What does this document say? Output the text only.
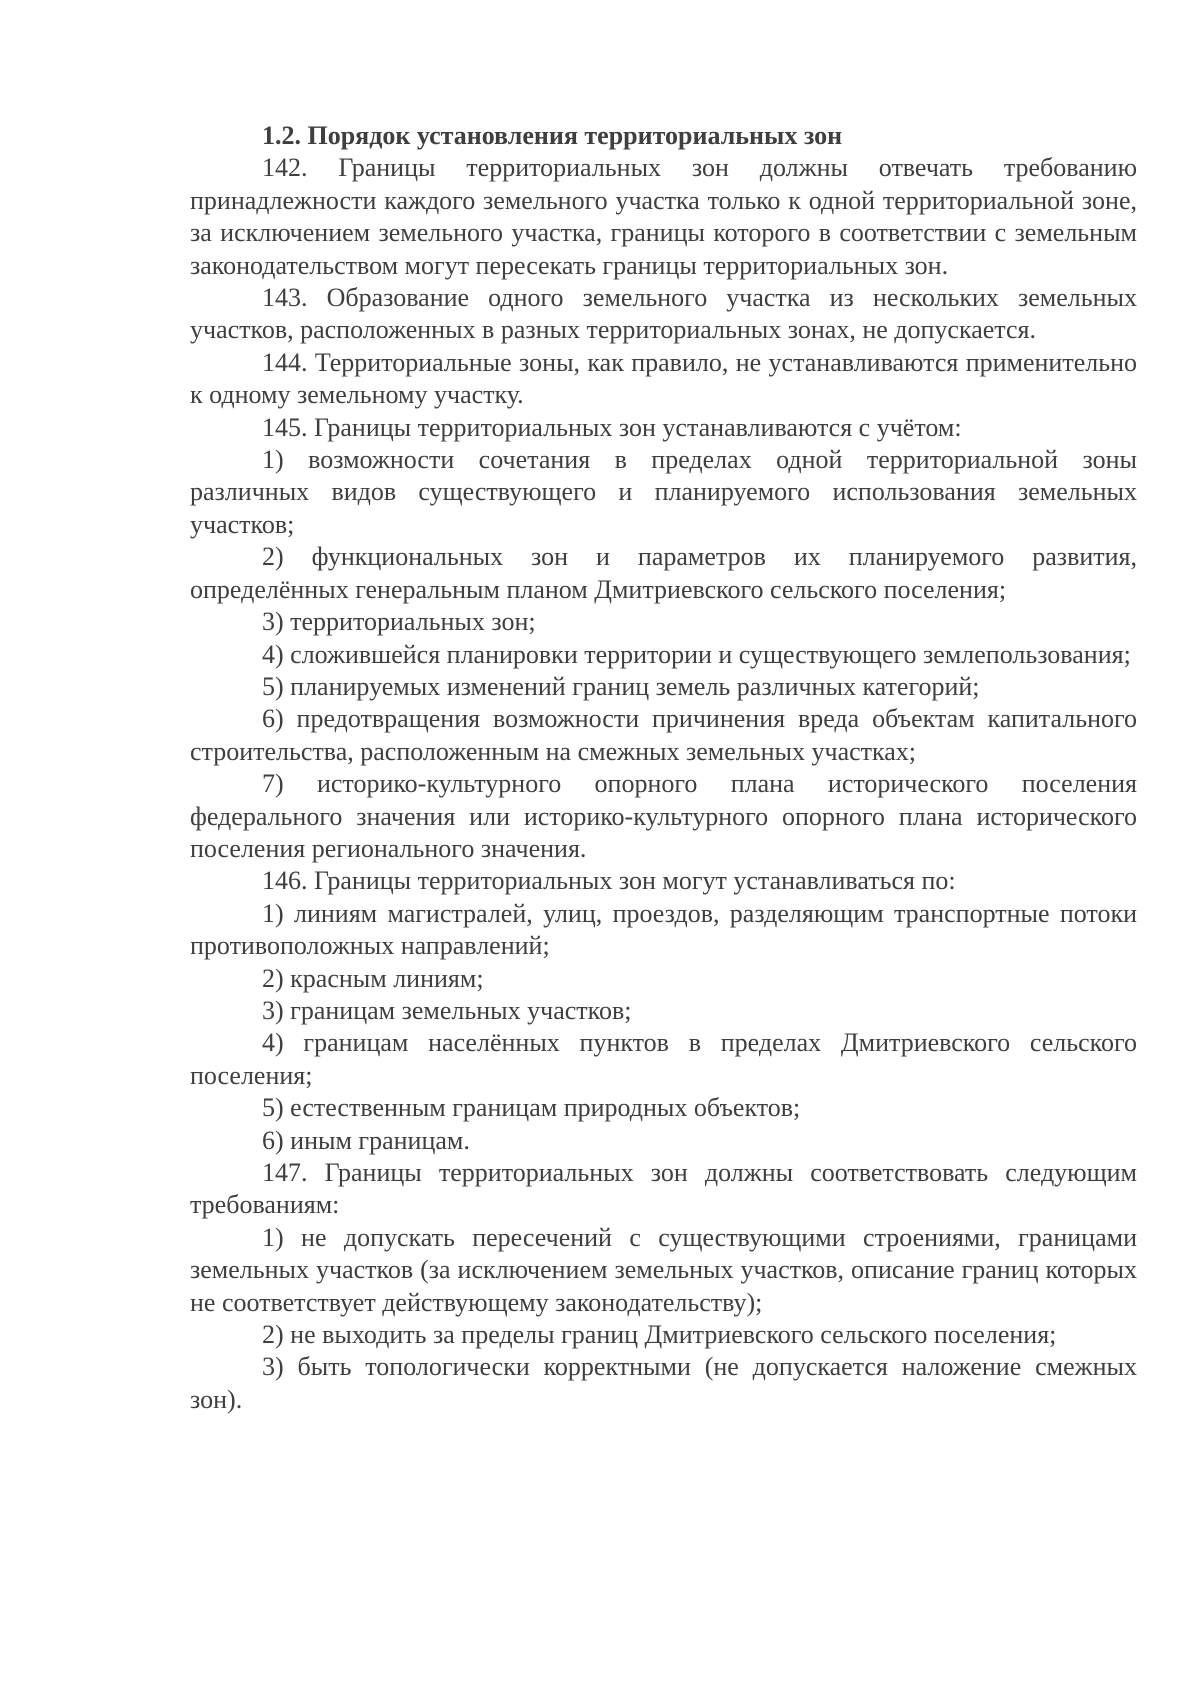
1.2. Порядок установления территориальных зон

142. Границы территориальных зон должны отвечать требованию принадлежности каждого земельного участка только к одной территориальной зоне, за исключением земельного участка, границы которого в соответствии с земельным законодательством могут пересекать границы территориальных зон.

143. Образование одного земельного участка из нескольких земельных участков, расположенных в разных территориальных зонах, не допускается.

144. Территориальные зоны, как правило, не устанавливаются применительно к одному земельному участку.

145. Границы территориальных зон устанавливаются с учётом:

1) возможности сочетания в пределах одной территориальной зоны различных видов существующего и планируемого использования земельных участков;

2) функциональных зон и параметров их планируемого развития, определённых генеральным планом Дмитриевского сельского поселения;

3) территориальных зон;

4) сложившейся планировки территории и существующего землепользования;

5) планируемых изменений границ земель различных категорий;

6) предотвращения возможности причинения вреда объектам капитального строительства, расположенным на смежных земельных участках;

7) историко-культурного опорного плана исторического поселения федерального значения или историко-культурного опорного плана исторического поселения регионального значения.

146. Границы территориальных зон могут устанавливаться по:

1) линиям магистралей, улиц, проездов, разделяющим транспортные потоки противоположных направлений;

2) красным линиям;

3) границам земельных участков;

4) границам населённых пунктов в пределах Дмитриевского сельского поселения;

5) естественным границам природных объектов;

6) иным границам.

147. Границы территориальных зон должны соответствовать следующим требованиям:

1) не допускать пересечений с существующими строениями, границами земельных участков (за исключением земельных участков, описание границ которых не соответствует действующему законодательству);

2) не выходить за пределы границ Дмитриевского сельского поселения;

3) быть топологически корректными (не допускается наложение смежных зон).
